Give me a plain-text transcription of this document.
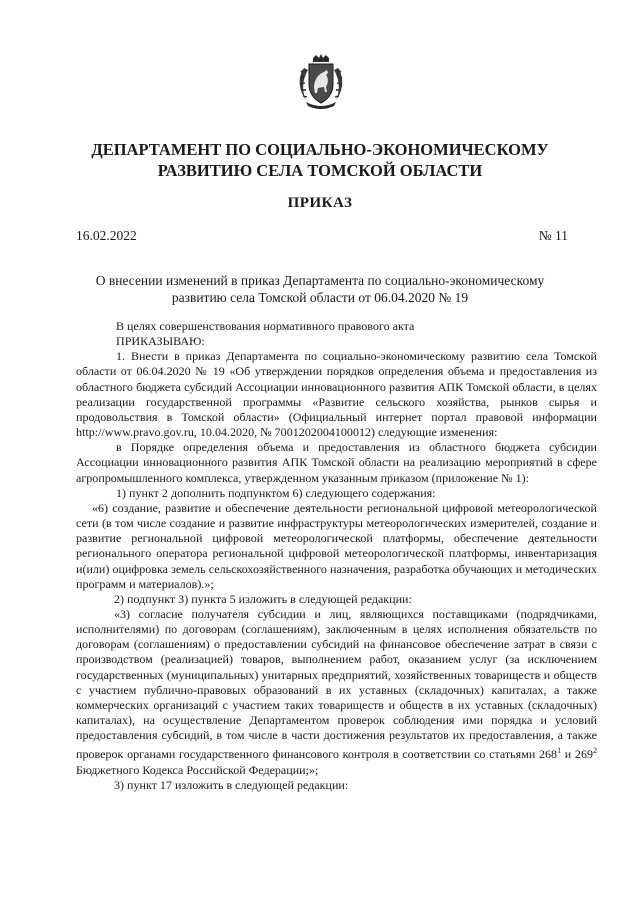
ДЕПАРТАМЕНТ ПО СОЦИАЛЬНО-ЭКОНОМИЧЕСКОМУ
РАЗВИТИЮ СЕЛА ТОМСКОЙ ОБЛАСТИ
ПРИКАЗ
16.02.2022	№ 11
О внесении изменений в приказ Департамента по социально-экономическому
развитию села Томской области от 06.04.2020 № 19

В целях совершенствования нормативного правового акта

ПРИКАЗЫВАЮ:

1. Внести в приказ Департамента по социально-экономическому развитию села Томской области от 06.04.2020 № 19 «Об утверждении порядков определения объема и предоставления из областного бюджета субсидий Ассоциации инновационного развития АПК Томской области, в целях реализации государственной программы «Развитие сельского хозяйства, рынков сырья и продовольствия в Томской области» (Официальный интернет портал правовой информации http://www.pravo.gov.ru, 10.04.2020, № 7001202004100012) следующие изменения:

в Порядке определения объема и предоставления из областного бюджета субсидии Ассоциации инновационного развития АПК Томской области на реализацию мероприятий в сфере агропромышленного комплекса, утвержденном указанным приказом (приложение № 1):

1) пункт 2 дополнить подпунктом 6) следующего содержания:

«6) создание, развитие и обеспечение деятельности региональной цифровой метеорологической сети (в том числе создание и развитие инфраструктуры метеорологических измерителей, создание и развитие региональной цифровой метеорологической платформы, обеспечение деятельности регионального оператора региональной цифровой метеорологической платформы, инвентаризация и(или) оцифровка земель сельскохозяйственного назначения, разработка обучающих и методических программ и материалов).»;

2) подпункт 3) пункта 5 изложить в следующей редакции:

«3) согласие получателя субсидии и лиц, являющихся поставщиками (подрядчиками, исполнителями) по договорам (соглашениям), заключенным в целях исполнения обязательств по договорам (соглашениям) о предоставлении субсидий на финансовое обеспечение затрат в связи с производством (реализацией) товаров, выполнением работ, оказанием услуг (за исключением государственных (муниципальных) унитарных предприятий, хозяйственных товариществ и обществ с участием публично-правовых образований в их уставных (складочных) капиталах, а также коммерческих организаций с участием таких товариществ и обществ в их уставных (складочных) капиталах), на осуществление Департаментом проверок соблюдения ими порядка и условий предоставления субсидий, в том числе в части достижения результатов их предоставления, а также проверок органами государственного финансового контроля в соответствии со статьями $268^1$ и $269^2$ Бюджетного Кодекса Российской Федерации;»;

3) пункт 17 изложить в следующей редакции:
